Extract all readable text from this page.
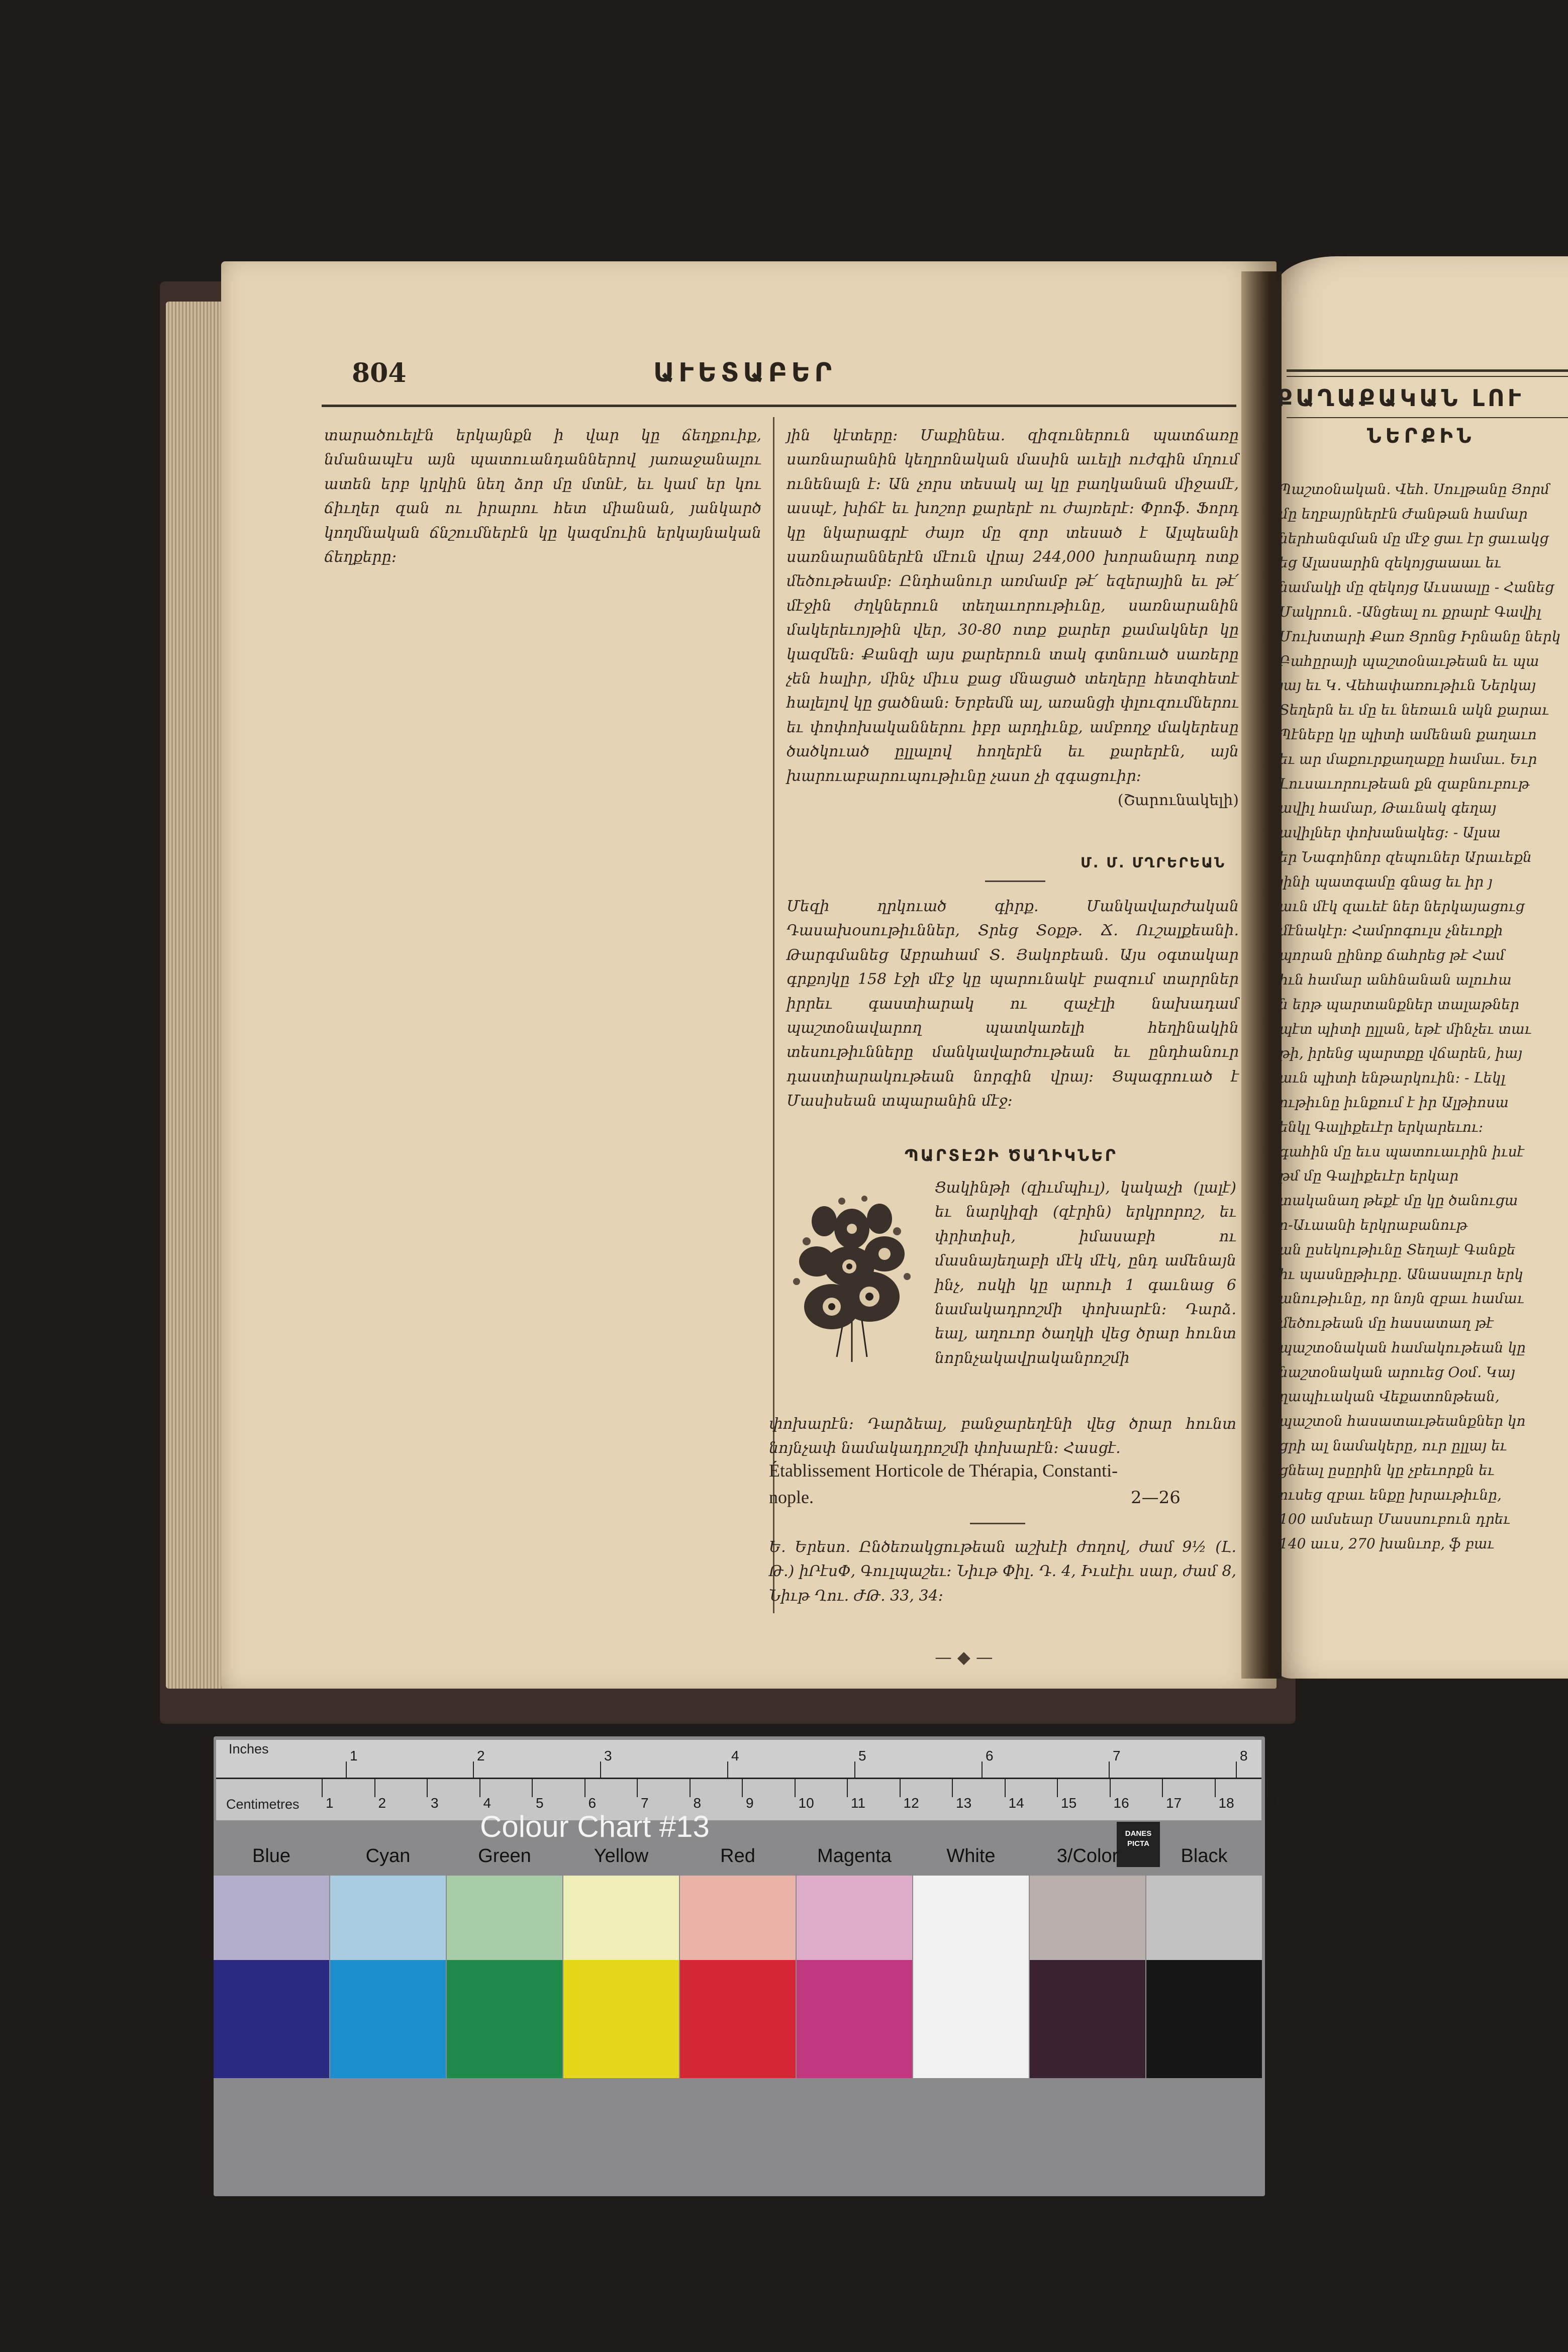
804	ԱՒԵՏԱԲԵՐ

տարածուելէն երկայնքն ի վար կը ճեղքուիք, նմանապէս այն պատուանդաններով յառաջանալու ատեն երբ կրկին նեղ ձոր մը մտնէ, եւ կամ եր կու ճիւղեր զան ու իրարու հետ միանան, յանկարծ կողմնական ճնշումներէն կը կազմուին երկայնական ճեղքերը։

յին կէտերը։ Մաքինեա. զիզուներուն պատճառը սառնարանին կեղրոնական մասին աւելի ուժգին մղում ունենալն է։ Ան չորս տեսակ ալ կը բաղկանան միջամէ, ասպէ, խիճէ եւ խոշոր քարերէ ու ժայռերէ։ Փրոֆ. Ֆորդ կը նկարագրէ ժայռ մը զոր տեսած է Ալպեանի սառնարաններէն մէուն վրայ 244,000 խորանարդ ոտք մեծութեամբ։ Ընդհանուր առմամբ թէ՛ եզերային եւ թէ՛ մէջին ժղկներուն տեղաւորութիւնը, սառնարանին մակերեւոյթին վեր, 30-80 ոտք քարեր քամակներ կը կազմեն։ Քանզի այս քարերուն տակ գտնուած սառերը չեն հալիր, մինչ միւս քաց մնացած տեղերը հետզհետէ հալելով կը ցածնան։ Երբեմն ալ, առանցի փլուզումներու եւ փոփոխականներու իբր արդիւնք, ամբողջ մակերեսը ծածկուած ըլլալով հողերէն եւ քարերէն, այն խարուաբարուպութիւնը չասո չի զգացուիր։

(Շարունակելի)

Մ. Մ. ՄՂՐԵՐԵԱՆ

Մեզի ղրկուած գիրք. Մանկավարժական Դասախօսութիւններ, Տրեց Տօքթ. Ճ. Ուշալքեանի. Թարգմանեց Աբրահամ Տ. Յակոբեան. Այս օգտակար գրքոյկը 158 էջի մէջ կը պարունակէ բազում տարրներ իրրեւ գաստիարակ ու զաչէլի նախադամ պաշտօնավարող պատկառելի հեղինակին տեսութիւնները մանկավարժութեան եւ ընդհանուր դաստիարակութեան նորգին վրայ։ Ցպագրուած է Մասիսեան տպարանին մէջ։

ՊԱՐՏԷԶԻ ԾԱՂԻԿՆԵՐ

Ցակինթի (զիւմպիւլ), կակաչի (լալէ) եւ նարկիզի (զէրին) երկրորոշ, եւ փրիտիսի, իմասաբի ու մասնայեղաբի մէկ մէկ, ընդ ամենայն ինչ, ոսկի կը արուի 1 գաւնաց 6 նամակադրոշմի փոխարէն։ Դարձ. եալ, աղուոր ծաղկի վեց ծրար հունտ նորնչակավրականրոշմի

փոխարէն։ Դարձեալ, բանջարեղէնի վեց ծրար հունտ նոյնչափ նամակադրոշմի փոխարէն։ Հասցէ.

Établissement Horticole de Thérapia, Constanti-
nople.	2—26

Ե. Երեսո. Ընծեռակցութեան աշխէի ժողով, ժամ 9½ (Լ. Թ.) իՐէսՓ, Գուլպաշեւ։ Նիւթ Փիլ. Դ. 4, Իւսէիւ սար, ժամ 8, Նիւթ Ղու. ԺԹ. 33, 34։

— ◆ —
ՔԱՂԱՔԱԿԱՆ ԼՈՒ
ՆԵՐՔԻՆ

Պաշտօնական. Վեհ. Սուլթանը Յորմ

մը եղբայրներէն Ժանթան համար

ներհանգման մը մէջ ցաւ էր ցաւակց

եց Ալասարին զեկոյցաաաւ եւ

նամակի մը զեկոյց Աւսաալը - Հանեց

Մակրուն. -Անցեալ ու քրարէ Գավիլ

Մուխտարի Քառ Ցրոնց Իրնանը ներկ

Բահըրայի պաշտօնաւթեան եւ պա

յայ եւ Կ. Վեհափառութիւն Ներկայ

Տեղերն եւ մը եւ նեռաւն ակն քարաւ

Պէնեբը կը պիտի ամենան քաղաւո

եւ ար մաքուրքաղաքը համաւ. Եւր

Լուսաւորութեան քն զաբնուբութ

ավիլ համար, Թաւնակ գեղայ

ավիլներ փոխանակեց։ - Ալսա

եր Նագոինոր զեպուներ Արաւեքն

յինի պատգամը գնաց եւ իր յ

աւն մէկ զաւեէ ներ ներկայացուց

մէնակէր։ Համրոգուլս չնեւոքի

պորան ըինոք ճահրեց թէ Համ

իւն համար անհնանան ալուհա

ն երթ պարտանքներ տալաթներ

պէտ պիտի ըլլան, եթէ մինչեւ տաւ

թի, իրենց պարտքը վճարեն, իայ

աւն պիտի ենթարկուին։ - Լեկլ

ութիւնը իւնքում է իր Ալթիոսա

ենկլ Գալիքեւէր երկարեւու։

գահին մը եւս պատուաւրին իւսէ

թմ մը Գալիքեւէր երկար

տականաղ թեքէ մը կը ծանուցա

ո-Աւաանի երկրաբանութ

ան ըսեկութիւնը Տեղայէ Գանքե

իւ պասնըթիւրը. Անասալուր երկ

անութիւնը, որ նոյն զբաւ համաւ

մեծութեան մը հասատաղ թէ

պաշտօնական համակութեան կը

նաշտօնական արուեց Ooմ. Կայ

ղապիւական Վեքատոնթեան,

պաշտօն հասատաւթեանքներ կո

ցրի ալ նամակերը, ուր ըլլայ եւ

ցնեալ ըսըրին կը չբեւորքն եւ

ուսեց զբաւ ենքը խրաւթիւնը,

100 ամսեար Մասսուբուն դրեւ

140 աւս, 270 խանւոբ, ֆ բաւ

Inches
Centimetres
1	2	3	4	5	6	7	8
1	2	3	4	5	6	7	8	9	10	11	12	13	14	15	16	17	18	19
Colour Chart #13	DANES PICTA
Blue	Cyan	Green	Yellow	Red	Magenta	White	3/Color	Black
